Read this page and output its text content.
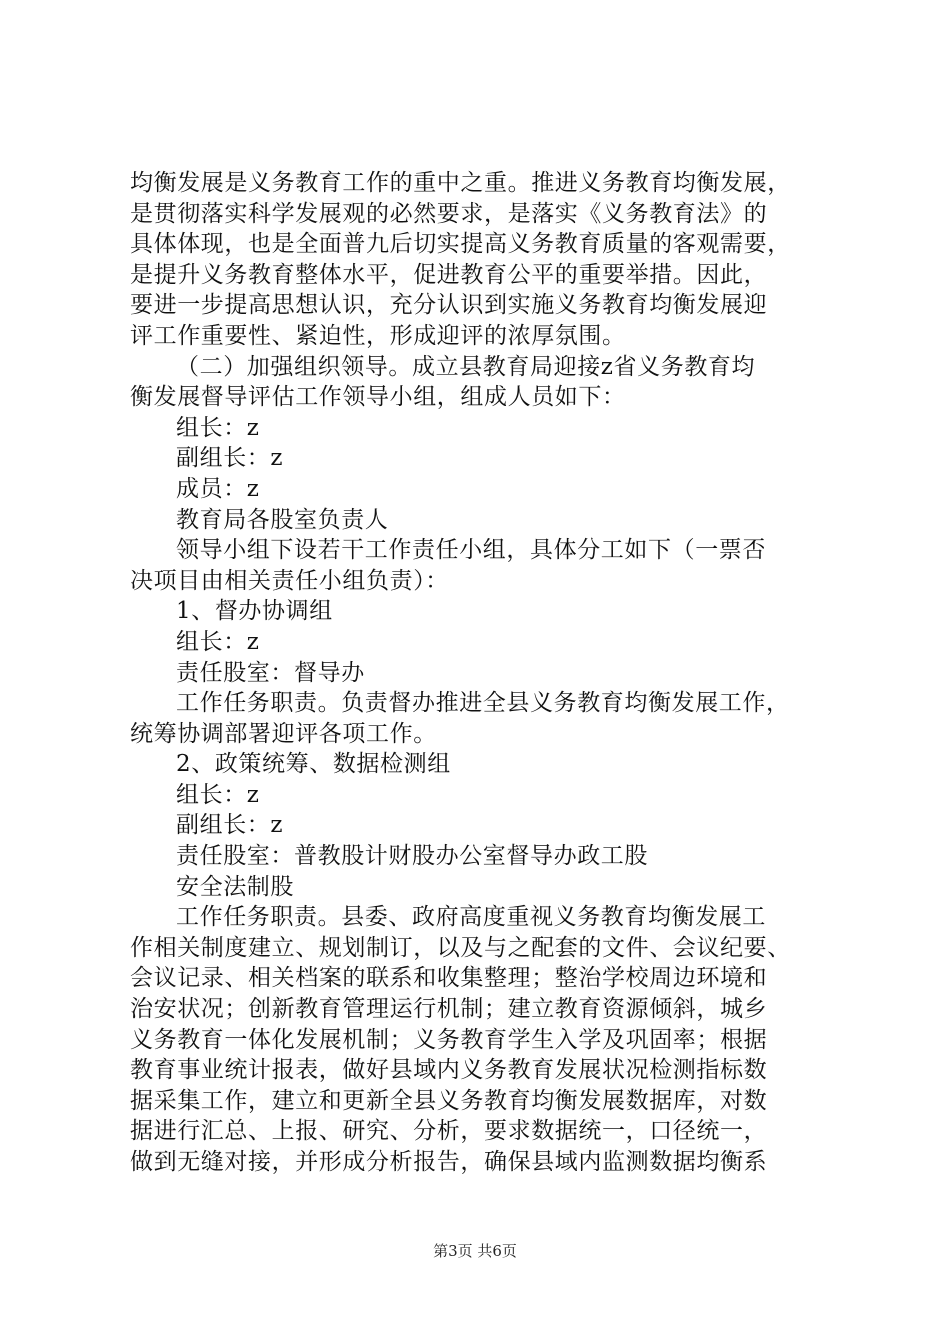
均衡发展是义务教育工作的重中之重。推进义务教育均衡发展，
是贯彻落实科学发展观的必然要求，是落实《义务教育法》的
具体体现，也是全面普九后切实提高义务教育质量的客观需要，
是提升义务教育整体水平，促进教育公平的重要举措。因此，
要进一步提高思想认识，充分认识到实施义务教育均衡发展迎
评工作重要性、紧迫性，形成迎评的浓厚氛围。
（二）加强组织领导。成立县教育局迎接z省义务教育均
衡发展督导评估工作领导小组，组成人员如下：
组长：z
副组长：z
成员：z
教育局各股室负责人
领导小组下设若干工作责任小组，具体分工如下（一票否
决项目由相关责任小组负责）：
1、督办协调组
组长：z
责任股室：督导办
工作任务职责。负责督办推进全县义务教育均衡发展工作，
统筹协调部署迎评各项工作。
2、政策统筹、数据检测组
组长：z
副组长：z
责任股室：普教股计财股办公室督导办政工股
安全法制股
工作任务职责。县委、政府高度重视义务教育均衡发展工
作相关制度建立、规划制订，以及与之配套的文件、会议纪要、
会议记录、相关档案的联系和收集整理；整治学校周边环境和
治安状况；创新教育管理运行机制；建立教育资源倾斜，城乡
义务教育一体化发展机制；义务教育学生入学及巩固率；根据
教育事业统计报表，做好县域内义务教育发展状况检测指标数
据采集工作，建立和更新全县义务教育均衡发展数据库，对数
据进行汇总、上报、研究、分析，要求数据统一，口径统一，
做到无缝对接，并形成分析报告，确保县域内监测数据均衡系
第3页 共6页
